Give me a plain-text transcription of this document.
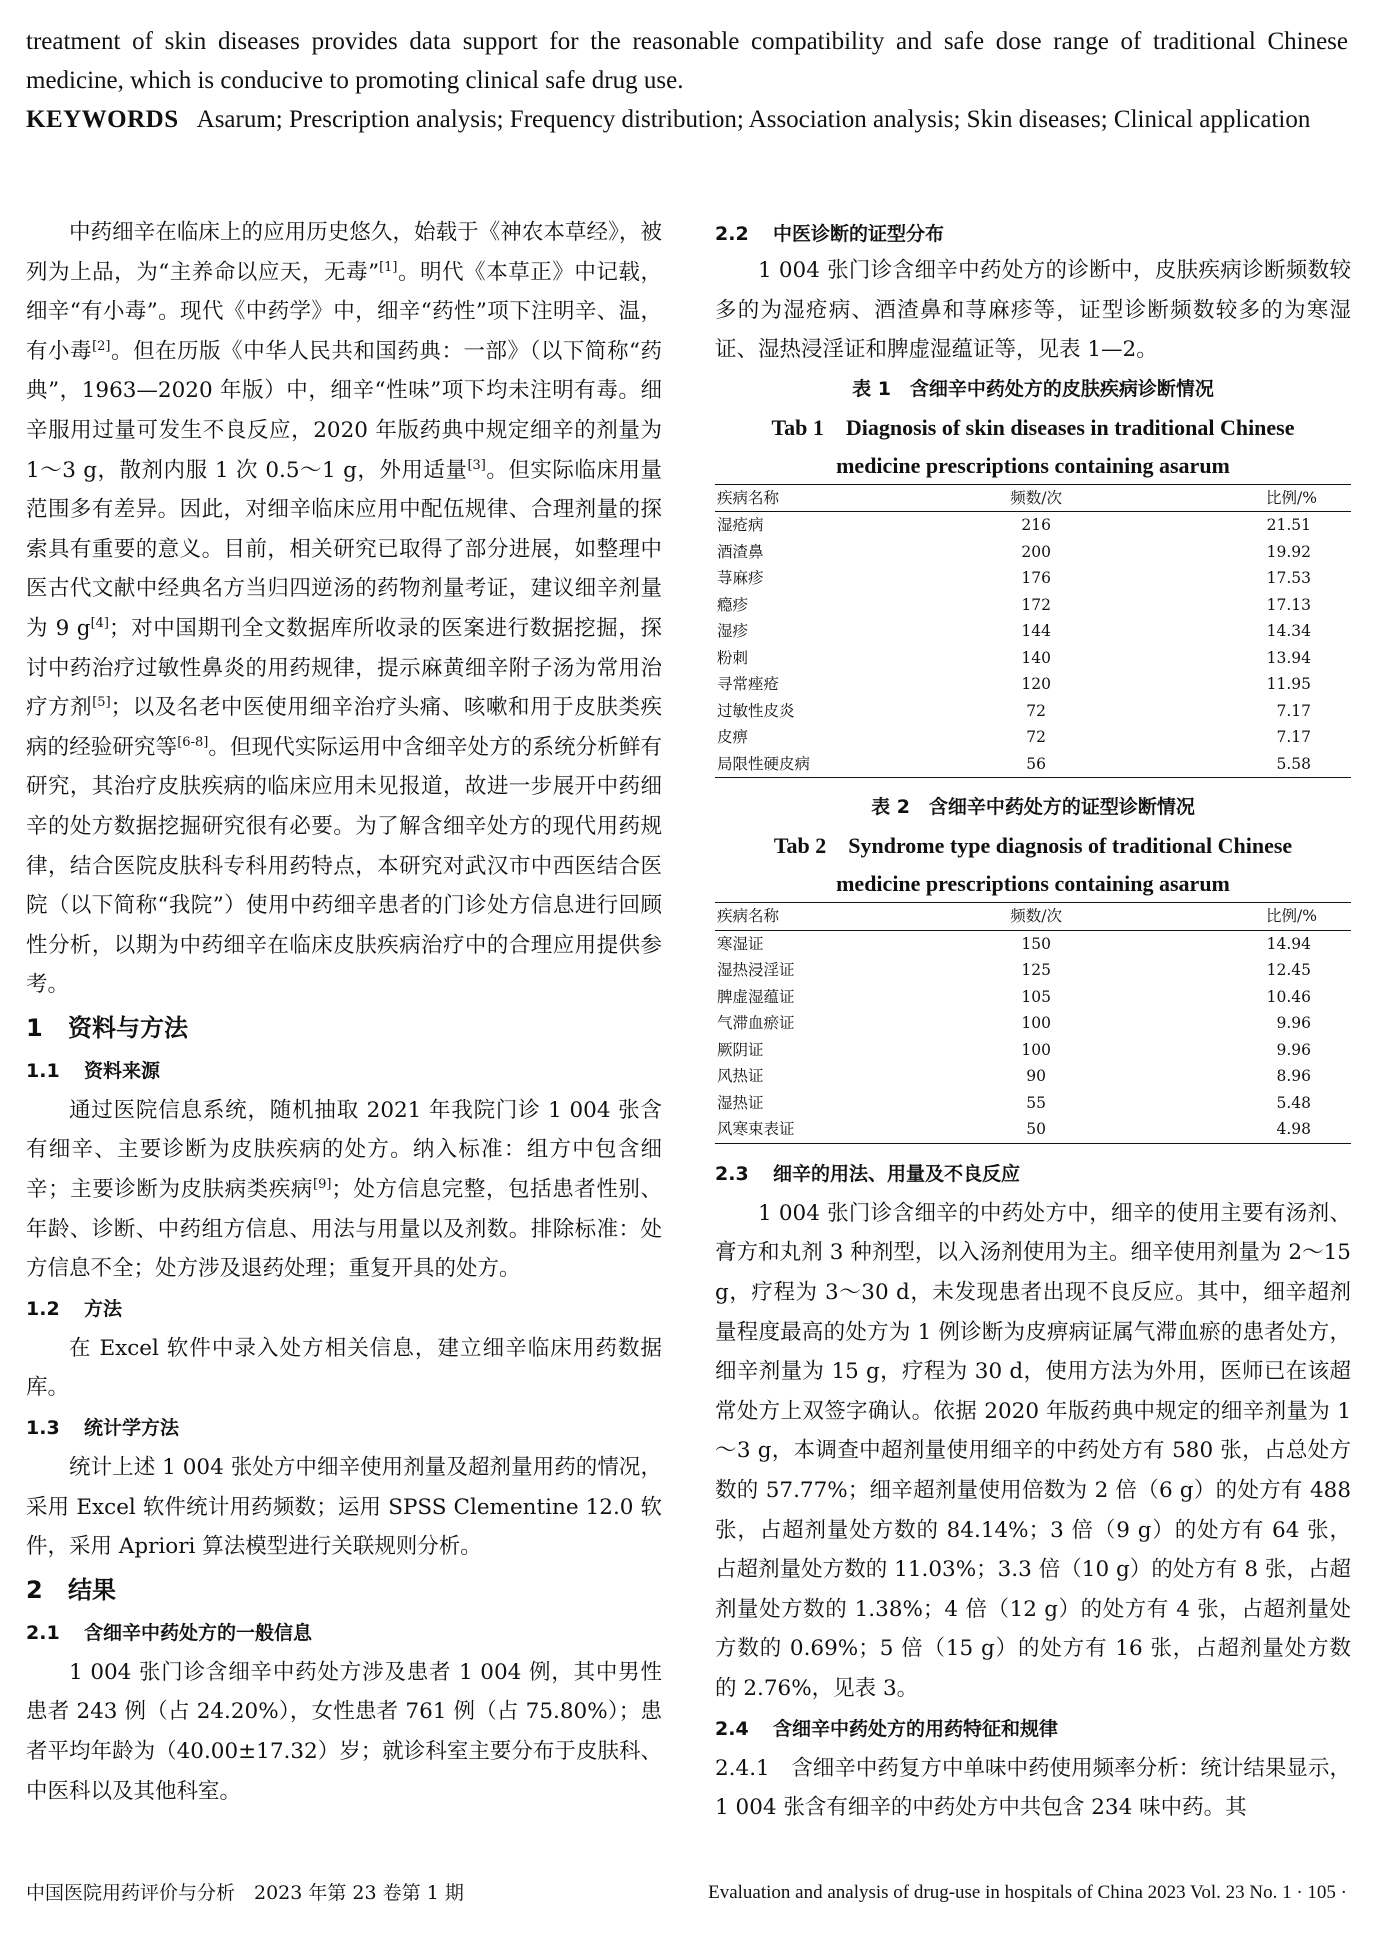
treatment of skin diseases provides data support for the reasonable compatibility and safe dose range of traditional Chinese medicine, which is conducive to promoting clinical safe drug use.
KEYWORDS Asarum; Prescription analysis; Frequency distribution; Association analysis; Skin diseases; Clinical application

中药细辛在临床上的应用历史悠久，始载于《神农本草经》，被列为上品，为“主养命以应天，无毒”[1]。明代《本草正》中记载，细辛“有小毒”。现代《中药学》中，细辛“药性”项下注明辛、温，有小毒[2]。但在历版《中华人民共和国药典：一部》（以下简称“药典”，1963—2020 年版）中，细辛“性味”项下均未注明有毒。细辛服用过量可发生不良反应，2020 年版药典中规定细辛的剂量为 1～3 g，散剂内服 1 次 0.5～1 g，外用适量[3]。但实际临床用量范围多有差异。因此，对细辛临床应用中配伍规律、合理剂量的探索具有重要的意义。目前，相关研究已取得了部分进展，如整理中医古代文献中经典名方当归四逆汤的药物剂量考证，建议细辛剂量为 9 g[4]；对中国期刊全文数据库所收录的医案进行数据挖掘，探讨中药治疗过敏性鼻炎的用药规律，提示麻黄细辛附子汤为常用治疗方剂[5]；以及名老中医使用细辛治疗头痛、咳嗽和用于皮肤类疾病的经验研究等[6-8]。但现代实际运用中含细辛处方的系统分析鲜有研究，其治疗皮肤疾病的临床应用未见报道，故进一步展开中药细辛的处方数据挖掘研究很有必要。为了解含细辛处方的现代用药规律，结合医院皮肤科专科用药特点，本研究对武汉市中西医结合医院（以下简称“我院”）使用中药细辛患者的门诊处方信息进行回顾性分析，以期为中药细辛在临床皮肤疾病治疗中的合理应用提供参考。

1 资料与方法
1.1 资料来源

通过医院信息系统，随机抽取 2021 年我院门诊 1 004 张含有细辛、主要诊断为皮肤疾病的处方。纳入标准：组方中包含细辛；主要诊断为皮肤病类疾病[9]；处方信息完整，包括患者性别、年龄、诊断、中药组方信息、用法与用量以及剂数。排除标准：处方信息不全；处方涉及退药处理；重复开具的处方。

1.2 方法

在 Excel 软件中录入处方相关信息，建立细辛临床用药数据库。

1.3 统计学方法

统计上述 1 004 张处方中细辛使用剂量及超剂量用药的情况，采用 Excel 软件统计用药频数；运用 SPSS Clementine 12.0 软件，采用 Apriori 算法模型进行关联规则分析。

2 结果
2.1 含细辛中药处方的一般信息

1 004 张门诊含细辛中药处方涉及患者 1 004 例，其中男性患者 243 例（占 24.20%），女性患者 761 例（占 75.80%）；患者平均年龄为（40.00±17.32）岁；就诊科室主要分布于皮肤科、中医科以及其他科室。

2.2 中医诊断的证型分布

1 004 张门诊含细辛中药处方的诊断中，皮肤疾病诊断频数较多的为湿疮病、酒渣鼻和荨麻疹等，证型诊断频数较多的为寒湿证、湿热浸淫证和脾虚湿蕴证等，见表 1—2。

表 1　含细辛中药处方的皮肤疾病诊断情况
Tab 1　Diagnosis of skin diseases in traditional Chinese
medicine prescriptions containing asarum
疾病名称	频数/次	比例/%
湿疮病	216	21.51
酒渣鼻	200	19.92
荨麻疹	176	17.53
瘾疹	172	17.13
湿疹	144	14.34
粉刺	140	13.94
寻常痤疮	120	11.95
过敏性皮炎	72	7.17
皮痹	72	7.17
局限性硬皮病	56	5.58
表 2　含细辛中药处方的证型诊断情况
Tab 2　Syndrome type diagnosis of traditional Chinese
medicine prescriptions containing asarum
疾病名称	频数/次	比例/%
寒湿证	150	14.94
湿热浸淫证	125	12.45
脾虚湿蕴证	105	10.46
气滞血瘀证	100	9.96
厥阴证	100	9.96
风热证	90	8.96
湿热证	55	5.48
风寒束表证	50	4.98
2.3 细辛的用法、用量及不良反应

1 004 张门诊含细辛的中药处方中，细辛的使用主要有汤剂、膏方和丸剂 3 种剂型，以入汤剂使用为主。细辛使用剂量为 2～15 g，疗程为 3～30 d，未发现患者出现不良反应。其中，细辛超剂量程度最高的处方为 1 例诊断为皮痹病证属气滞血瘀的患者处方，细辛剂量为 15 g，疗程为 30 d，使用方法为外用，医师已在该超常处方上双签字确认。依据 2020 年版药典中规定的细辛剂量为 1～3 g，本调查中超剂量使用细辛的中药处方有 580 张，占总处方数的 57.77%；细辛超剂量使用倍数为 2 倍（6 g）的处方有 488 张，占超剂量处方数的 84.14%；3 倍（9 g）的处方有 64 张，占超剂量处方数的 11.03%；3.3 倍（10 g）的处方有 8 张，占超剂量处方数的 1.38%；4 倍（12 g）的处方有 4 张，占超剂量处方数的 0.69%；5 倍（15 g）的处方有 16 张，占超剂量处方数的 2.76%，见表 3。

2.4 含细辛中药处方的用药特征和规律

2.4.1　含细辛中药复方中单味中药使用频率分析：统计结果显示，1 004 张含有细辛的中药处方中共包含 234 味中药。其

中国医院用药评价与分析　2023 年第 23 卷第 1 期	Evaluation and analysis of drug-use in hospitals of China 2023 Vol. 23 No. 1 · 105 ·
